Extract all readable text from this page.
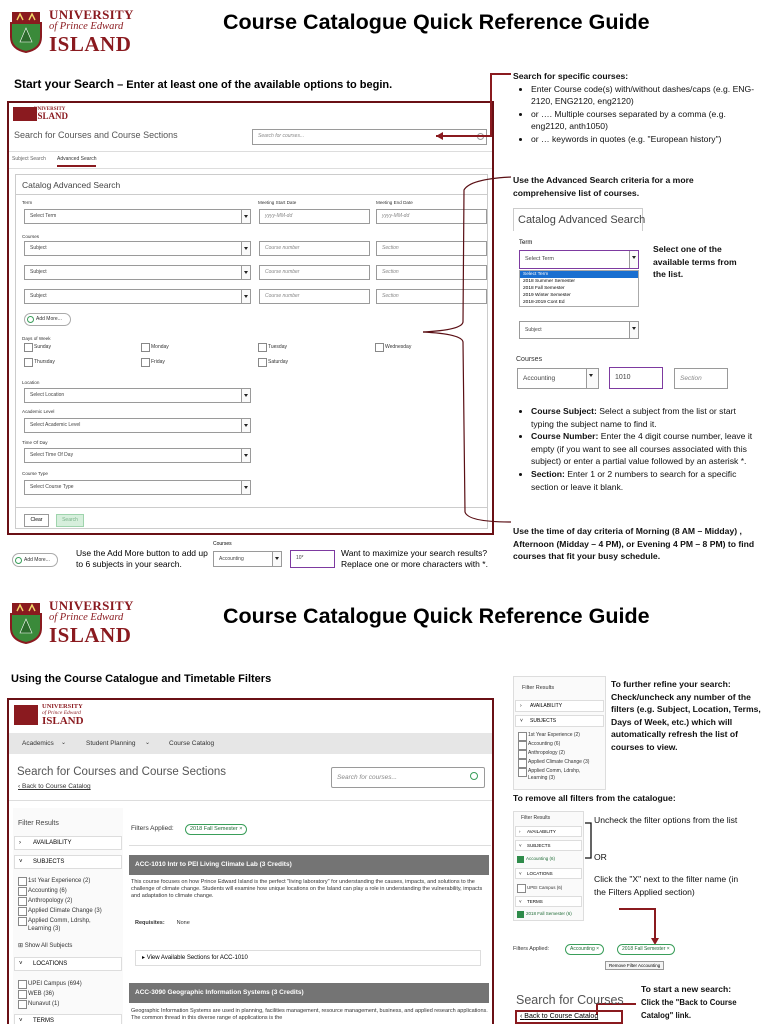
UNIVERSITY
of Prince Edward
ISLAND
Course Catalogue Quick Reference Guide
Start your Search – Enter at least one of the available options to begin.
UNIVERSITY
ISLAND
Search for Courses and Course Sections	Search for courses...
Subject Search Advanced Search
Catalog Advanced Search
Term	Meeting Start Date	Meeting End Date
Select Term	yyyy-MM-dd	yyyy-MM-dd
Courses
Subject	Course number	Section
Subject	Course number	Section
Subject	Course number	Section
Add More...
Days of Week
Sunday	Monday	Tuesday	Wednesday
Thursday	Friday	Saturday
Location
Select Location
Academic Level
Select Academic Level
Time Of Day
Select Time Of Day
Course Type
Select Course Type
Clear	Search
Search for specific courses:
• Enter Course code(s) with/without dashes/caps (e.g. ENG-2120, ENG2120, eng2120)
• or …. Multiple courses separated by a comma (e.g. eng2120, anth1050)
• or … keywords in quotes (e.g. "European history")
Use the Advanced Search criteria for a more comprehensive list of courses.
Catalog Advanced Search
Term
Select Term
Select Term
2018 Summer Semester
2018 Fall Semester
2019 Winter Semester
2018-2019 Cont Ed
Subject
Select one of the available terms from the list.
Courses
Accounting	1010	Section
• Course Subject: Select a subject from the list or start typing the subject name to find it.
• Course Number: Enter the 4 digit course number, leave it empty (if you want to see all courses associated with this subject) or enter a partial value followed by an asterisk *.
• Section: Enter 1 or 2 numbers to search for a specific section or leave it blank.
Use the time of day criteria of Morning (8 AM – Midday) , Afternoon (Midday – 4 PM), or Evening 4 PM – 8 PM) to find courses that fit your busy schedule.
Add More...
Use the Add More button to add up to 6 subjects in your search.
Courses
Accounting	10*	Want to maximize your search results? Replace one or more characters with *.
UNIVERSITY
of Prince Edward
ISLAND
Course Catalogue Quick Reference Guide
Using the Course Catalogue and Timetable Filters
UNIVERSITY
of Prince Edward
ISLAND
Academics ⌄	Student Planning ⌄	Course Catalog
Search for Courses and Course Sections
‹ Back to Course Catalog
Search for courses...
Filter Results
› AVAILABILITY
˅ SUBJECTS
1st Year Experience (2)
Accounting (6)
Anthropology (2)
Applied Climate Change (3)
Applied Comm, Ldrshp, Learning (3)
⊞ Show All Subjects
˅ LOCATIONS
UPEI Campus (694)
WEB (36)
Nunavut (1)
˅ TERMS
Filters Applied:	2018 Fall Semester ×
ACC-1010 Intr to PEI Living Climate Lab (3 Credits)
This course focuses on how Prince Edward Island is the perfect "living laboratory" for understanding the causes, impacts, and solutions to the challenge of climate change. Students will examine how unique locations on the Island can play a role in understanding the vulnerability, impacts and adaptation to climate change.
Requisites: None
▸ View Available Sections for ACC-1010
ACC-3090 Geographic Information Systems (3 Credits)
Geographic Information Systems are used in planning, facilities management, resource management, business, and applied research applications. The common thread in this diverse range of applications is the
Filter Results
› AVAILABILITY
˅ SUBJECTS
1st Year Experience (2)
Accounting (6)
Anthropology (2)
Applied Climate Change (3)
Applied Comm, Ldrshp, Learning (3)
To further refine your search: Check/uncheck any number of the filters (e.g. Subject, Location, Terms, Days of Week, etc.) which will automatically refresh the list of courses to view.
To remove all filters from the catalogue:
Filter Results
› AVAILABILITY
˅ SUBJECTS
Accounting (6)
˅ LOCATIONS
UPEI Campus (6)
˅ TERMS
2018 Fall Semester (6)
Uncheck the filter options from the list
OR
Click the "X" next to the filter name (in the Filters Applied section)
Filters Applied:	Accounting ×	2018 Fall Semester ×
Remove Filter Accounting
Search for Courses
‹ Back to Course Catalog
To start a new search:
Click the "Back to Course Catalog" link.
